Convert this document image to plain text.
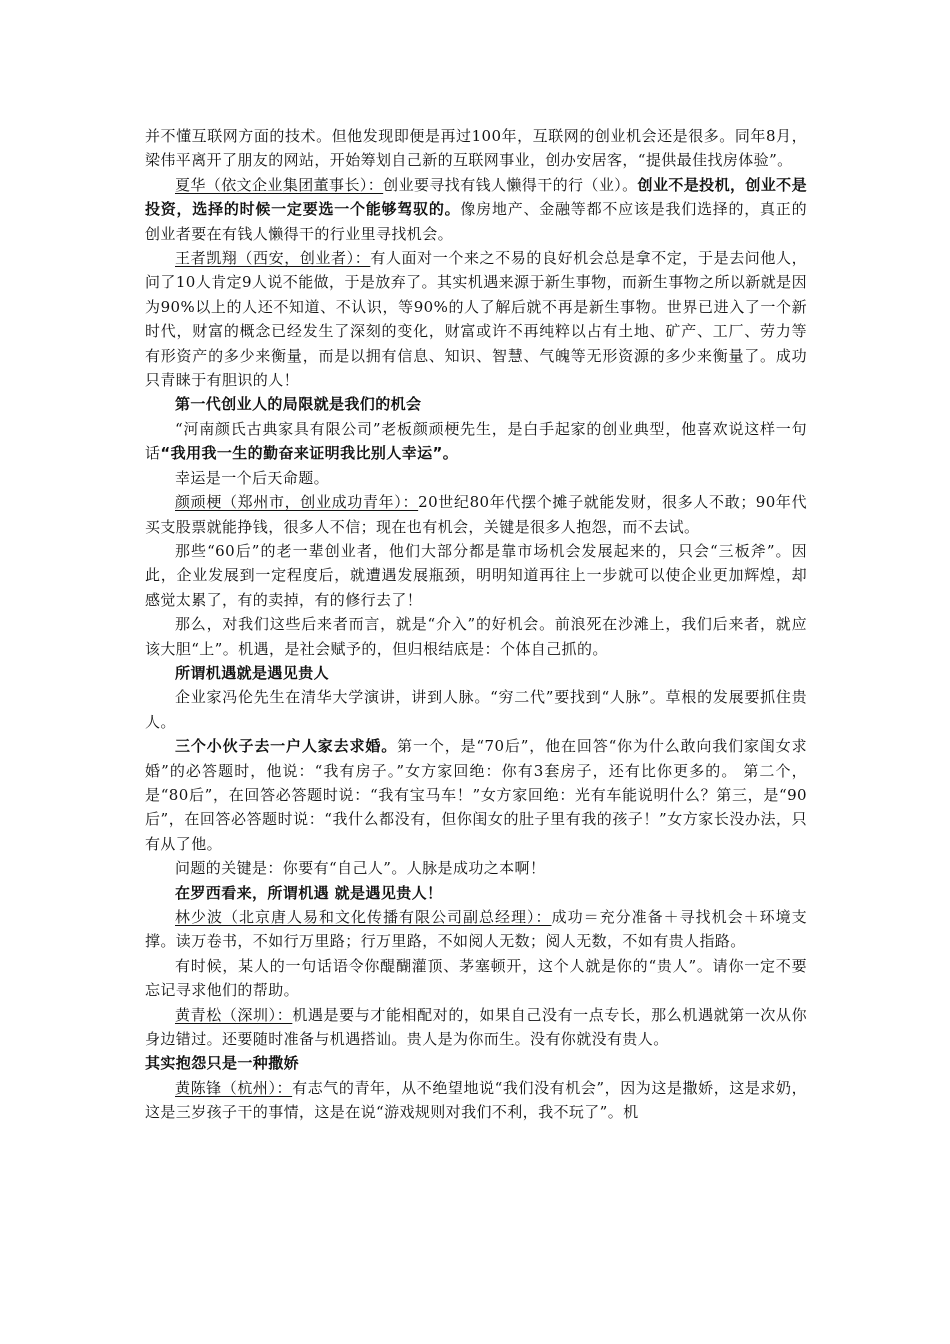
并不懂互联网方面的技术。但他发现即便是再过100年，互联网的创业机会还是很多。同年8月，梁伟平离开了朋友的网站，开始筹划自己新的互联网事业，创办安居客，“提供最佳找房体验”。

夏华（依文企业集团董事长）：创业要寻找有钱人懒得干的行（业）。创业不是投机，创业不是投资，选择的时候一定要选一个能够驾驭的。像房地产、金融等都不应该是我们选择的，真正的创业者要在有钱人懒得干的行业里寻找机会。

王者凯翔（西安，创业者）：有人面对一个来之不易的良好机会总是拿不定，于是去问他人，问了10人肯定9人说不能做，于是放弃了。其实机遇来源于新生事物，而新生事物之所以新就是因为90%以上的人还不知道、不认识，等90%的人了解后就不再是新生事物。世界已进入了一个新时代，财富的概念已经发生了深刻的变化，财富或许不再纯粹以占有土地、矿产、工厂、劳力等有形资产的多少来衡量，而是以拥有信息、知识、智慧、气魄等无形资源的多少来衡量了。成功只青睐于有胆识的人！

第一代创业人的局限就是我们的机会

“河南颜氏古典家具有限公司”老板颜顽梗先生，是白手起家的创业典型，他喜欢说这样一句话“我用我一生的勤奋来证明我比别人幸运”。

幸运是一个后天命题。

颜顽梗（郑州市，创业成功青年）：20世纪80年代摆个摊子就能发财，很多人不敢；90年代买支股票就能挣钱，很多人不信；现在也有机会，关键是很多人抱怨，而不去试。

那些“60后”的老一辈创业者，他们大部分都是靠市场机会发展起来的，只会“三板斧”。因此，企业发展到一定程度后，就遭遇发展瓶颈，明明知道再往上一步就可以使企业更加辉煌，却感觉太累了，有的卖掉，有的修行去了！

那么，对我们这些后来者而言，就是“介入”的好机会。前浪死在沙滩上，我们后来者，就应该大胆“上”。机遇，是社会赋予的，但归根结底是：个体自己抓的。

所谓机遇就是遇见贵人

企业家冯伦先生在清华大学演讲，讲到人脉。“穷二代”要找到“人脉”。草根的发展要抓住贵人。

三个小伙子去一户人家去求婚。第一个，是“70后”，他在回答“你为什么敢向我们家闺女求婚”的必答题时，他说：“我有房子。”女方家回绝：你有3套房子，还有比你更多的。 第二个，是“80后”，在回答必答题时说：“我有宝马车！”女方家回绝：光有车能说明什么？第三，是“90后”，在回答必答题时说：“我什么都没有，但你闺女的肚子里有我的孩子！”女方家长没办法，只有从了他。

问题的关键是：你要有“自己人”。人脉是成功之本啊！

在罗西看来，所谓机遇 就是遇见贵人！

林少波（北京唐人易和文化传播有限公司副总经理）：成功＝充分准备＋寻找机会＋环境支撑。读万卷书，不如行万里路；行万里路，不如阅人无数；阅人无数，不如有贵人指路。

有时候，某人的一句话语令你醍醐灌顶、茅塞顿开，这个人就是你的“贵人”。请你一定不要忘记寻求他们的帮助。

黄青松（深圳）：机遇是要与才能相配对的，如果自己没有一点专长，那么机遇就第一次从你身边错过。还要随时准备与机遇搭讪。贵人是为你而生。没有你就没有贵人。

其实抱怨只是一种撒娇

黄陈锋（杭州）：有志气的青年，从不绝望地说“我们没有机会”，因为这是撒娇，这是求奶，这是三岁孩子干的事情，这是在说“游戏规则对我们不利，我不玩了”。机
